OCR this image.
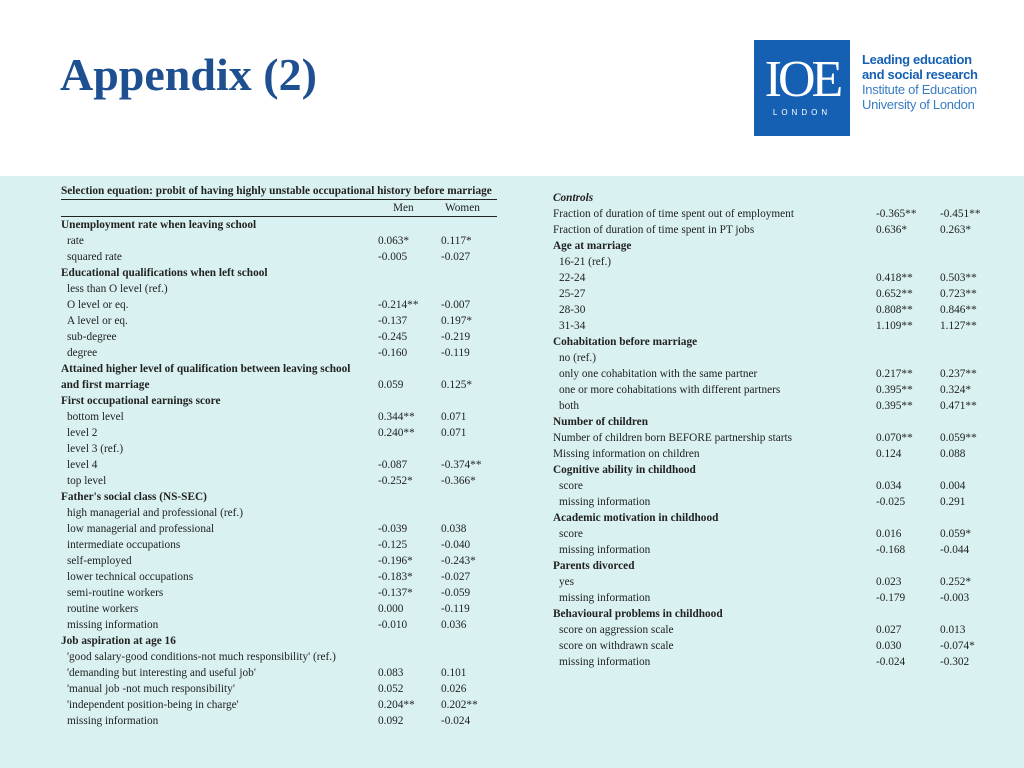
Appendix (2)	IOE
LONDON
Leading education
and social research
Institute of Education
University of London
Selection equation: probit of having highly unstable occupational history before marriage
Men	Women
Unemployment rate when leaving school
rate	0.063*	0.117*
squared rate	-0.005	-0.027
Educational qualifications when left school
less than O level (ref.)
O level or eq.	-0.214** -0.007
A level or eq.	-0.137	0.197*
sub-degree	-0.245	-0.219
degree	-0.160	-0.119
Attained higher level of qualification between leaving school and first marriage	0.059	0.125*
First occupational earnings score
bottom level	0.344** 0.071
level 2	0.240** 0.071
level 3 (ref.)
level 4	-0.087	-0.374**
top level	-0.252* -0.366*
Father's social class (NS-SEC)
high managerial and professional (ref.)
low managerial and professional	-0.039	0.038
intermediate occupations	-0.125	-0.040
self-employed	-0.196* -0.243*
lower technical occupations	-0.183* -0.027
semi-routine workers	-0.137* -0.059
routine workers	0.000	-0.119
missing information	-0.010	0.036
Job aspiration at age 16
'good salary-good conditions-not much responsibility' (ref.)
'demanding but interesting and useful job'	0.083	0.101
'manual job -not much responsibility'	0.052	0.026
'independent position-being in charge'	0.204** 0.202**
missing information	0.092	-0.024
Controls
Fraction of duration of time spent out of employment	-0.365** -0.451**
Fraction of duration of time spent in PT jobs	0.636*	0.263*
Age at marriage
16-21 (ref.)
22-24	0.418** 0.503**
25-27	0.652** 0.723**
28-30	0.808** 0.846**
31-34	1.109** 1.127**
Cohabitation before marriage
no (ref.)
only one cohabitation with the same partner	0.217** 0.237**
one or more cohabitations with different partners	0.395** 0.324*
both	0.395** 0.471**
Number of children
Number of children born BEFORE partnership starts	0.070** 0.059**
Missing information on children	0.124	0.088
Cognitive ability in childhood
score	0.034	0.004
missing information	-0.025	0.291
Academic motivation in childhood
score	0.016	0.059*
missing information	-0.168	-0.044
Parents divorced
yes	0.023	0.252*
missing information	-0.179	-0.003
Behavioural problems in childhood
score on aggression scale	0.027	0.013
score on withdrawn scale	0.030	-0.074*
missing information	-0.024	-0.302
